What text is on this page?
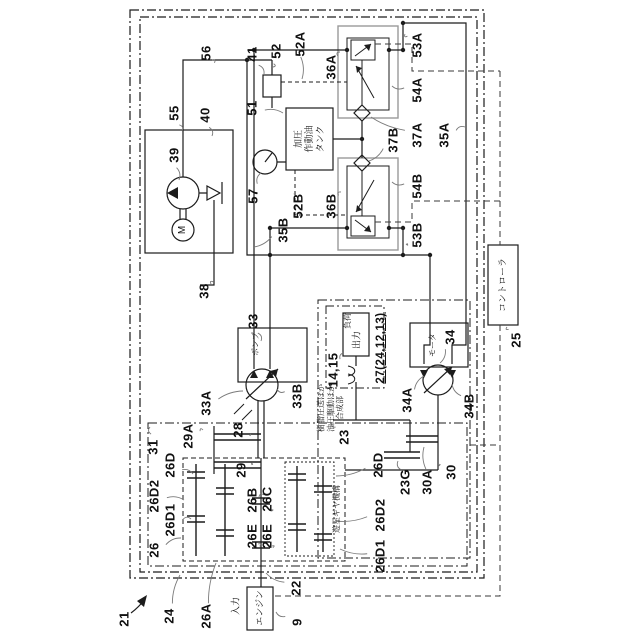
21 24 26A	9
22
26
26D1
26D2
26D
31 29A	28
29
26B 26C
26E 26E
26D
26D2
26D1
23G 30A 30
34A	34B
34
33
33A	33B
35B
52B
35A
37A
37B
54A
53A
54B
53B
36A
36B
52A
52
41
51
57
55 40
39
56
38
25
14,15
23
27(24,12,13)
加圧 作動油 タンク
エンジン
入力
コントローラ
負荷
出力
ポンプ	モータ
M
遊星ギヤ機構
樹脂圧送ほか 油圧駆動ほか 合成部
